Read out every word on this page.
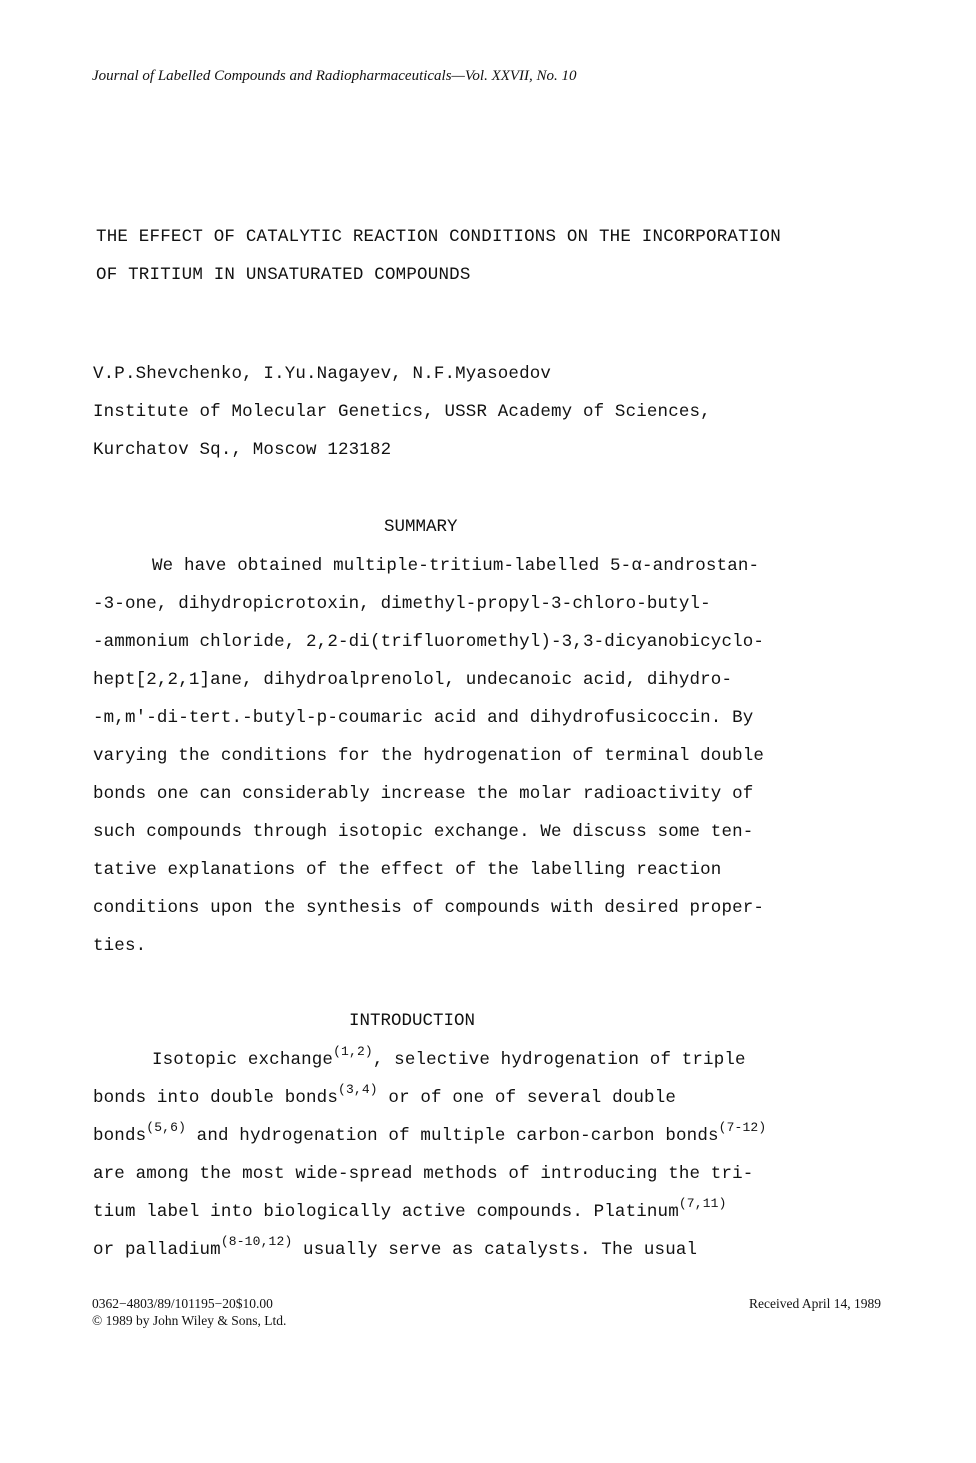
Journal of Labelled Compounds and Radiopharmaceuticals—Vol. XXVII, No. 10
THE EFFECT OF CATALYTIC REACTION CONDITIONS ON THE INCORPORATION
OF TRITIUM IN UNSATURATED COMPOUNDS
V.P.Shevchenko, I.Yu.Nagayev, N.F.Myasoedov
Institute of Molecular Genetics, USSR Academy of Sciences,
Kurchatov Sq., Moscow 123182
SUMMARY
We have obtained multiple-tritium-labelled 5-α-androstan-
-3-one, dihydropicrotoxin, dimethyl-propyl-3-chloro-butyl-
-ammonium chloride, 2,2-di(trifluoromethyl)-3,3-dicyanobicyclo-
hept[2,2,1]ane, dihydroalprenolol, undecanoic acid, dihydro-
-m,m'-di-tert.-butyl-p-coumaric acid and dihydrofusicoccin. By
varying the conditions for the hydrogenation of terminal double
bonds one can considerably increase the molar radioactivity of
such compounds through isotopic exchange. We discuss some ten-
tative explanations of the effect of the labelling reaction
conditions upon the synthesis of compounds with desired proper-
ties.
INTRODUCTION
Isotopic exchange$^{(1,2)}$, selective hydrogenation of triple
bonds into double bonds$^{(3,4)}$ or of one of several double
bonds$^{(5,6)}$ and hydrogenation of multiple carbon-carbon bonds$^{(7-12)}$
are among the most wide-spread methods of introducing the tri-
tium label into biologically active compounds. Platinum$^{(7,11)}$
or palladium$^{(8-10,12)}$ usually serve as catalysts. The usual
0362−4803/89/101195−20$10.00
© 1989 by John Wiley & Sons, Ltd.
Received April 14, 1989
